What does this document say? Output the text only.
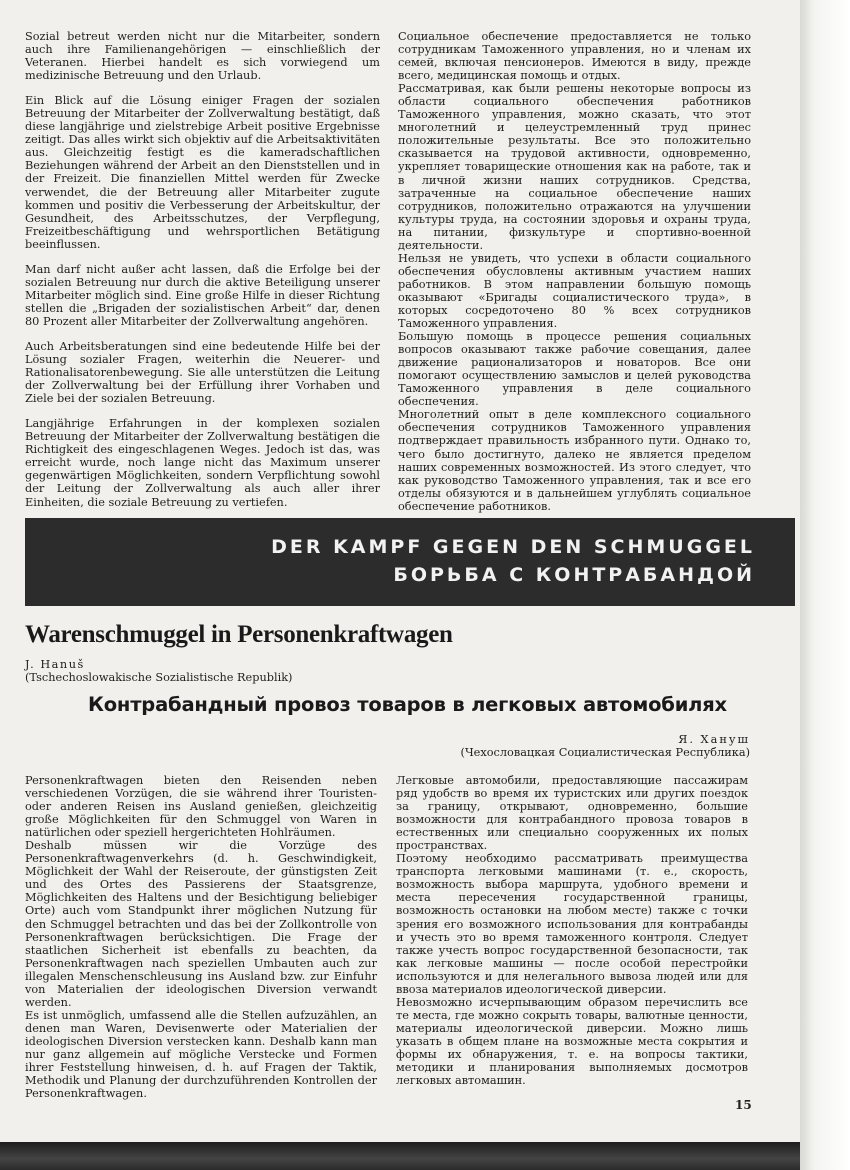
Sozial betreut werden nicht nur die Mitarbeiter, sondern auch ihre Familienangehörigen — einschließlich der Veteranen. Hierbei handelt es sich vorwiegend um medizinische Betreuung und den Urlaub.

Ein Blick auf die Lösung einiger Fragen der sozialen Betreuung der Mitarbeiter der Zollverwaltung bestätigt, daß diese langjährige und zielstrebige Arbeit positive Ergebnisse zeitigt. Das alles wirkt sich objektiv auf die Arbeitsaktivitäten aus. Gleichzeitig festigt es die kameradschaftlichen Beziehungen während der Arbeit an den Dienststellen und in der Freizeit. Die finanziellen Mittel werden für Zwecke verwendet, die der Betreuung aller Mitarbeiter zugute kommen und positiv die Verbesserung der Arbeitskultur, der Gesundheit, des Arbeitsschutzes, der Verpflegung, Freizeitbeschäftigung und wehrsportlichen Betätigung beeinflussen.

Man darf nicht außer acht lassen, daß die Erfolge bei der sozialen Betreuung nur durch die aktive Beteiligung unserer Mitarbeiter möglich sind. Eine große Hilfe in dieser Richtung stellen die „Brigaden der sozialistischen Arbeit“ dar, denen 80 Prozent aller Mitarbeiter der Zollverwaltung angehören.

Auch Arbeitsberatungen sind eine bedeutende Hilfe bei der Lösung sozialer Fragen, weiterhin die Neuerer- und Rationalisatorenbewegung. Sie alle unterstützen die Leitung der Zollverwaltung bei der Erfüllung ihrer Vorhaben und Ziele bei der sozialen Betreuung.

Langjährige Erfahrungen in der komplexen sozialen Betreuung der Mitarbeiter der Zollverwaltung bestätigen die Richtigkeit des eingeschlagenen Weges. Jedoch ist das, was erreicht wurde, noch lange nicht das Maximum unserer gegenwärtigen Möglichkeiten, sondern Verpflichtung sowohl der Leitung der Zollverwaltung als auch aller ihrer Einheiten, die soziale Betreuung zu vertiefen.

Социальное обеспечение предоставляется не только сотрудникам Таможенного управления, но и членам их семей, включая пенсионеров. Имеются в виду, прежде всего, медицинская помощь и отдых.

Рассматривая, как были решены некоторые вопросы из области социального обеспечения работников Таможенного управления, можно сказать, что этот многолетний и целеустремленный труд принес положительные результаты. Все это положительно сказывается на трудовой активности, одновременно, укрепляет товарищеские отношения как на работе, так и в личной жизни наших сотрудников. Средства, затраченные на социальное обеспечение наших сотрудников, положительно отражаются на улучшении культуры труда, на состоянии здоровья и охраны труда, на питании, физкультуре и спортивно-военной деятельности.

Нельзя не увидеть, что успехи в области социального обеспечения обусловлены активным участием наших работников. В этом направлении большую помощь оказывают «Бригады социалистического труда», в которых сосредоточено 80 % всех сотрудников Таможенного управления.

Большую помощь в процессе решения социальных вопросов оказывают также рабочие совещания, далее движение рационализаторов и новаторов. Все они помогают осуществлению замыслов и целей руководства Таможенного управления в деле социального обеспечения.

Многолетний опыт в деле комплексного социального обеспечения сотрудников Таможенного управления подтверждает правильность избранного пути. Однако то, чего было достигнуто, далеко не является пределом наших современных возможностей. Из этого следует, что как руководство Таможенного управления, так и все его отделы обязуются и в дальнейшем углублять социальное обеспечение работников.

DER KAMPF GEGEN DEN SCHMUGGEL
БОРЬБА С КОНТРАБАНДОЙ
Warenschmuggel in Personenkraftwagen
J. Hanuš
(Tschechoslowakische Sozialistische Republik)
Контрабандный провоз товаров в легковых автомобилях
Я. Хануш
(Чехословацкая Социалистическая Республика)

Personenkraftwagen bieten den Reisenden neben verschiedenen Vorzügen, die sie während ihrer Touristen- oder anderen Reisen ins Ausland genießen, gleichzeitig große Möglichkeiten für den Schmuggel von Waren in natürlichen oder speziell hergerichteten Hohlräumen.

Deshalb müssen wir die Vorzüge des Personenkraftwagenverkehrs (d. h. Geschwindigkeit, Möglichkeit der Wahl der Reiseroute, der günstigsten Zeit und des Ortes des Passierens der Staatsgrenze, Möglichkeiten des Haltens und der Besichtigung beliebiger Orte) auch vom Standpunkt ihrer möglichen Nutzung für den Schmuggel betrachten und das bei der Zollkontrolle von Personenkraftwagen berücksichtigen. Die Frage der staatlichen Sicherheit ist ebenfalls zu beachten, da Personenkraftwagen nach speziellen Umbauten auch zur illegalen Menschenschleusung ins Ausland bzw. zur Einfuhr von Materialien der ideologischen Diversion verwandt werden.

Es ist unmöglich, umfassend alle die Stellen aufzuzählen, an denen man Waren, Devisenwerte oder Materialien der ideologischen Diversion verstecken kann. Deshalb kann man nur ganz allgemein auf mögliche Verstecke und Formen ihrer Feststellung hinweisen, d. h. auf Fragen der Taktik, Methodik und Planung der durchzuführenden Kontrollen der Personenkraftwagen.

Легковые автомобили, предоставляющие пассажирам ряд удобств во время их туристских или других поездок за границу, открывают, одновременно, большие возможности для контрабандного провоза товаров в естественных или специально сооруженных их полых пространствах.

Поэтому необходимо рассматривать преимущества транспорта легковыми машинами (т. е., скорость, возможность выбора маршрута, удобного времени и места пересечения государственной границы, возможность остановки на любом месте) также с точки зрения его возможного использования для контрабанды и учесть это во время таможенного контроля. Следует также учесть вопрос государственной безопасности, так как легковые машины — после особой перестройки используются и для нелегального вывоза людей или для ввоза материалов идеологической диверсии.

Невозможно исчерпывающим образом перечислить все те места, где можно сокрыть товары, валютные ценности, материалы идеологической диверсии. Можно лишь указать в общем плане на возможные места сокрытия и формы их обнаружения, т. е. на вопросы тактики, методики и планирования выполняемых досмотров легковых автомашин.

15
